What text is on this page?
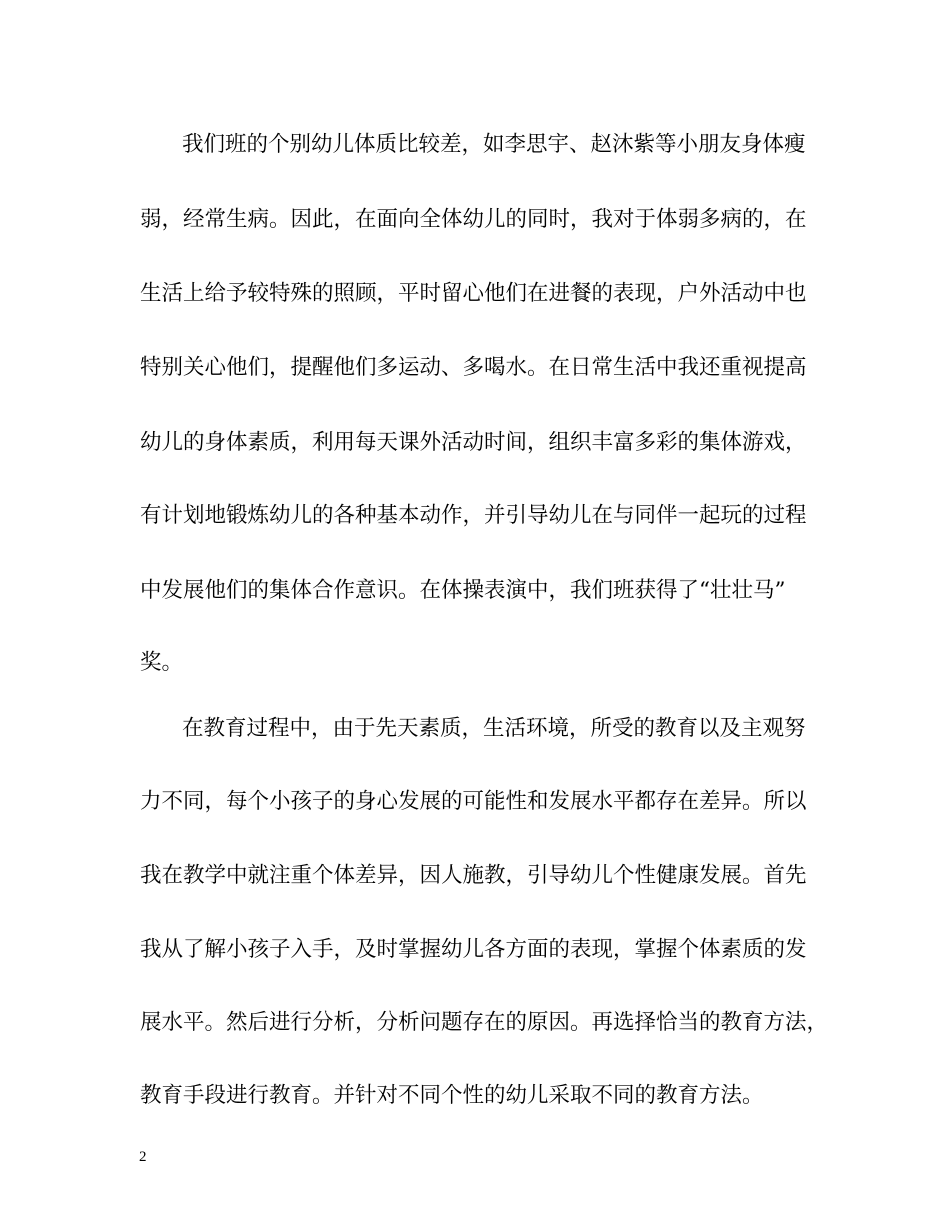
我们班的个别幼儿体质比较差，如李思宇、赵沐紫等小朋友身体瘦
弱，经常生病。因此，在面向全体幼儿的同时，我对于体弱多病的，在
生活上给予较特殊的照顾，平时留心他们在进餐的表现，户外活动中也
特别关心他们，提醒他们多运动、多喝水。在日常生活中我还重视提高
幼儿的身体素质，利用每天课外活动时间，组织丰富多彩的集体游戏，
有计划地锻炼幼儿的各种基本动作，并引导幼儿在与同伴一起玩的过程
中发展他们的集体合作意识。在体操表演中，我们班获得了“壮壮马”
奖。
在教育过程中，由于先天素质，生活环境，所受的教育以及主观努
力不同，每个小孩子的身心发展的可能性和发展水平都存在差异。所以
我在教学中就注重个体差异，因人施教，引导幼儿个性健康发展。首先
我从了解小孩子入手，及时掌握幼儿各方面的表现，掌握个体素质的发
展水平。然后进行分析，分析问题存在的原因。再选择恰当的教育方法，
教育手段进行教育。并针对不同个性的幼儿采取不同的教育方法。
2
